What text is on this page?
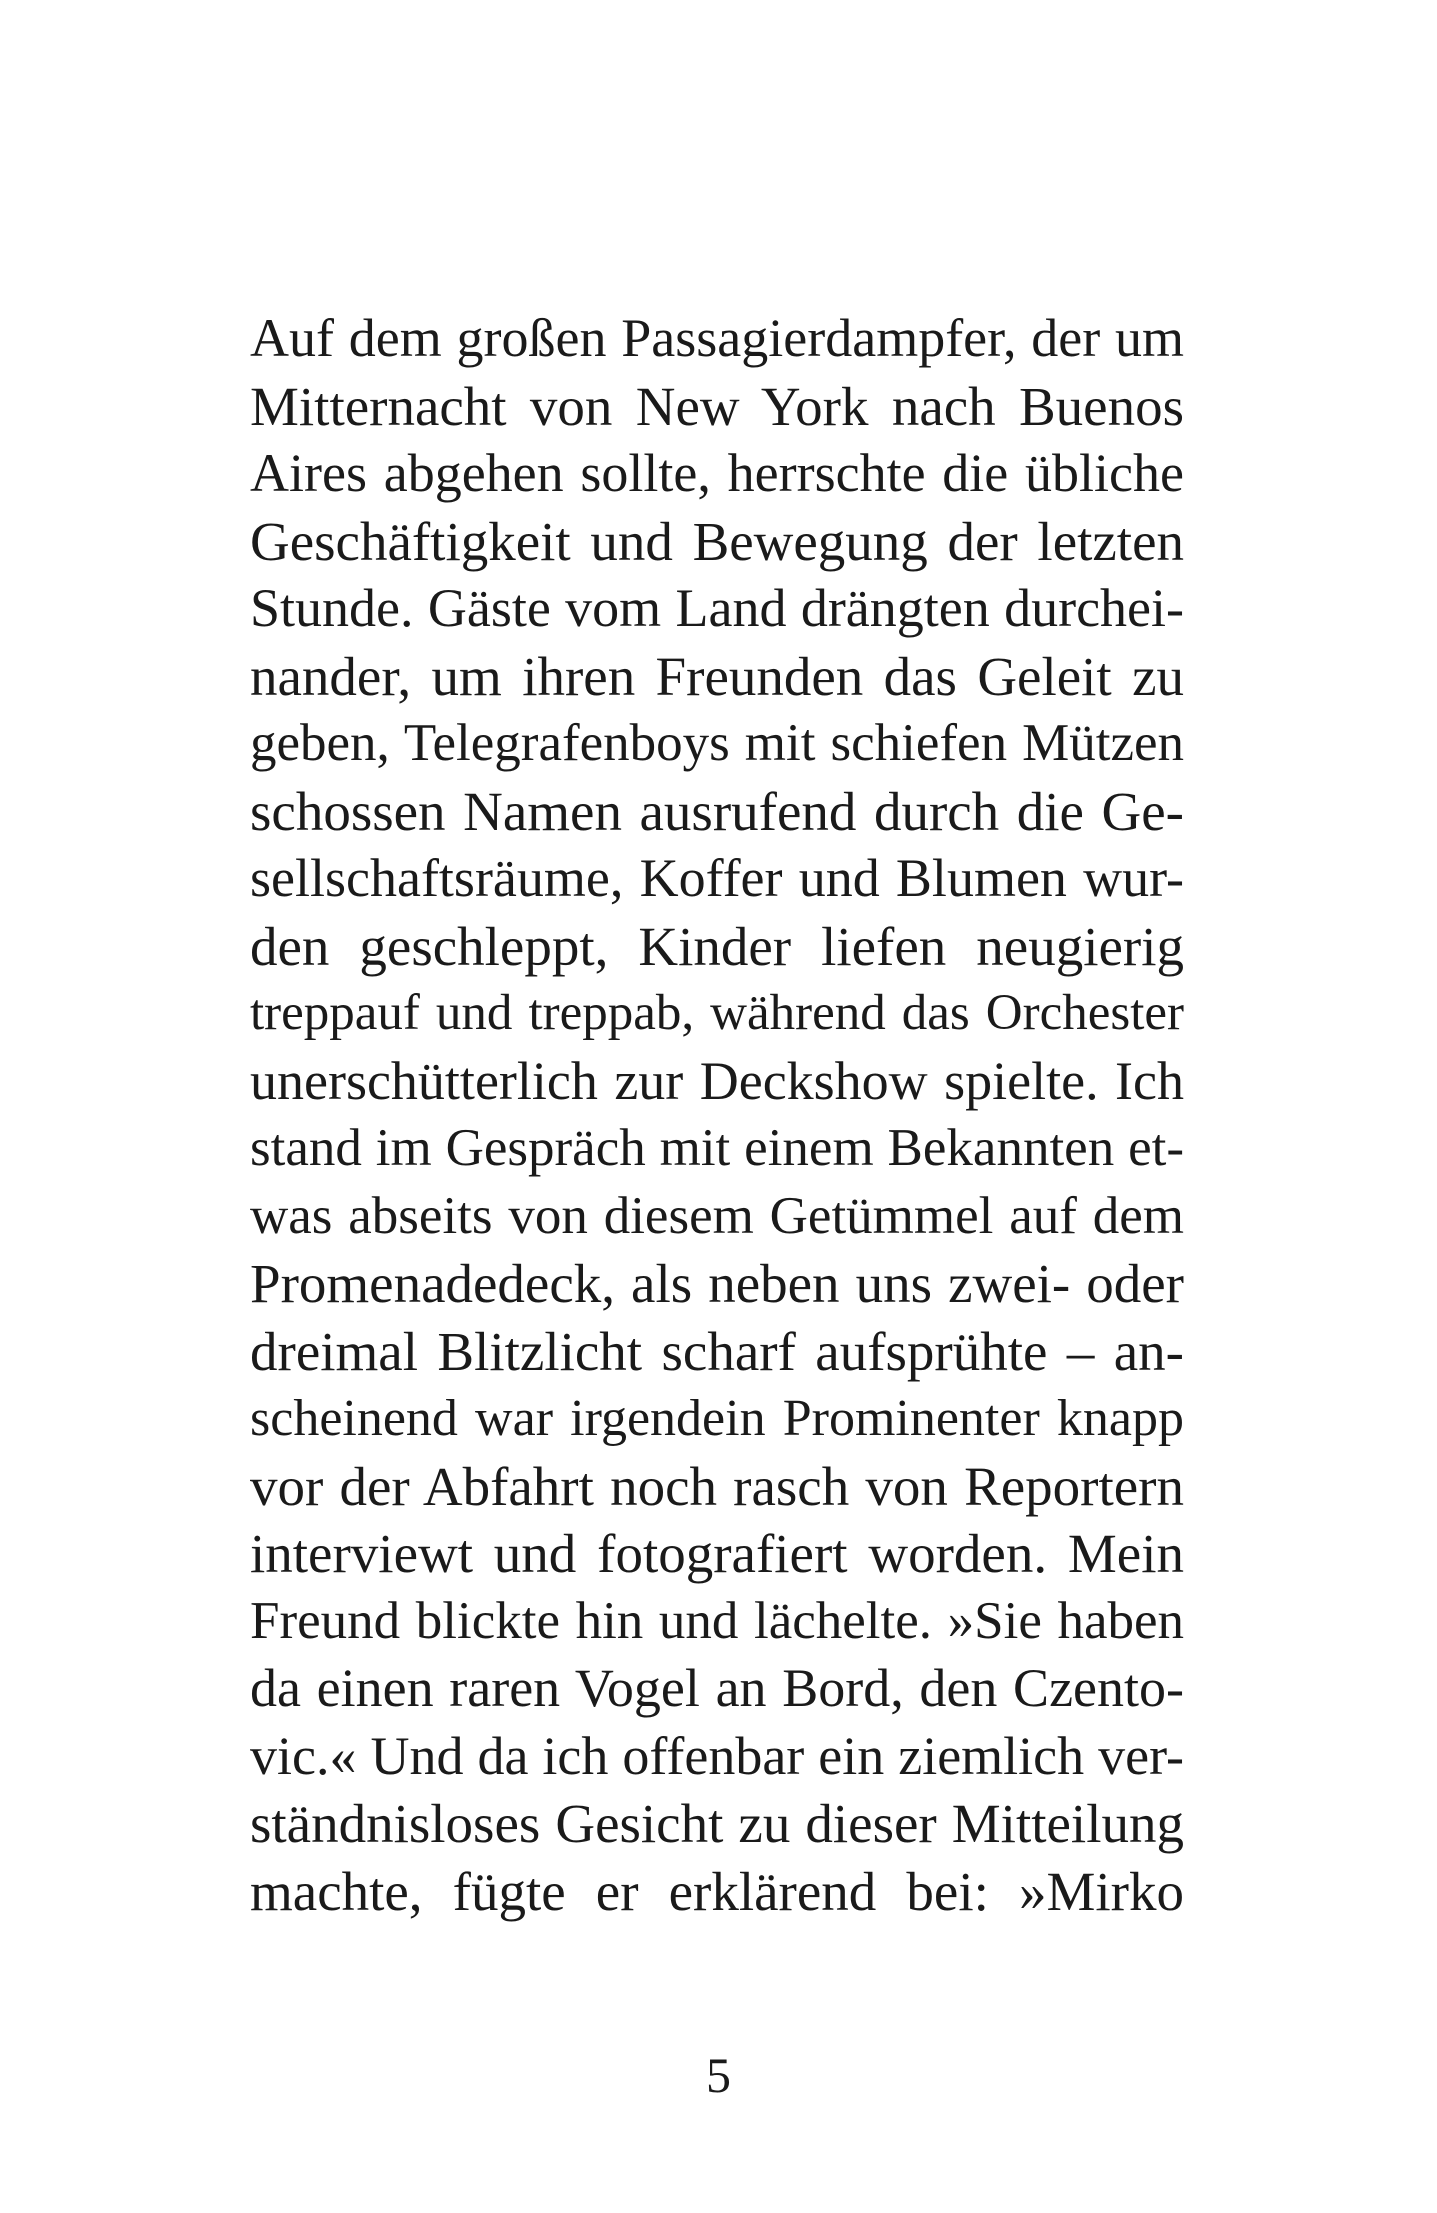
Auf dem großen Passagierdampfer, der um
Mitternacht von New York nach Buenos
Aires abgehen sollte, herrschte die übliche
Geschäftigkeit und Bewegung der letzten
Stunde. Gäste vom Land drängten durchei-
nander, um ihren Freunden das Geleit zu
geben, Telegrafenboys mit schiefen Mützen
schossen Namen ausrufend durch die Ge-
sellschaftsräume, Koffer und Blumen wur-
den geschleppt, Kinder liefen neugierig
treppauf und treppab, während das Orchester
unerschütterlich zur Deckshow spielte. Ich
stand im Gespräch mit einem Bekannten et-
was abseits von diesem Getümmel auf dem
Promenadedeck, als neben uns zwei- oder
dreimal Blitzlicht scharf aufsprühte – an-
scheinend war irgendein Prominenter knapp
vor der Abfahrt noch rasch von Reportern
interviewt und fotografiert worden. Mein
Freund blickte hin und lächelte. »Sie haben
da einen raren Vogel an Bord, den Czento-
vic.« Und da ich offenbar ein ziemlich ver-
ständnisloses Gesicht zu dieser Mitteilung
machte, fügte er erklärend bei: »Mirko
5
